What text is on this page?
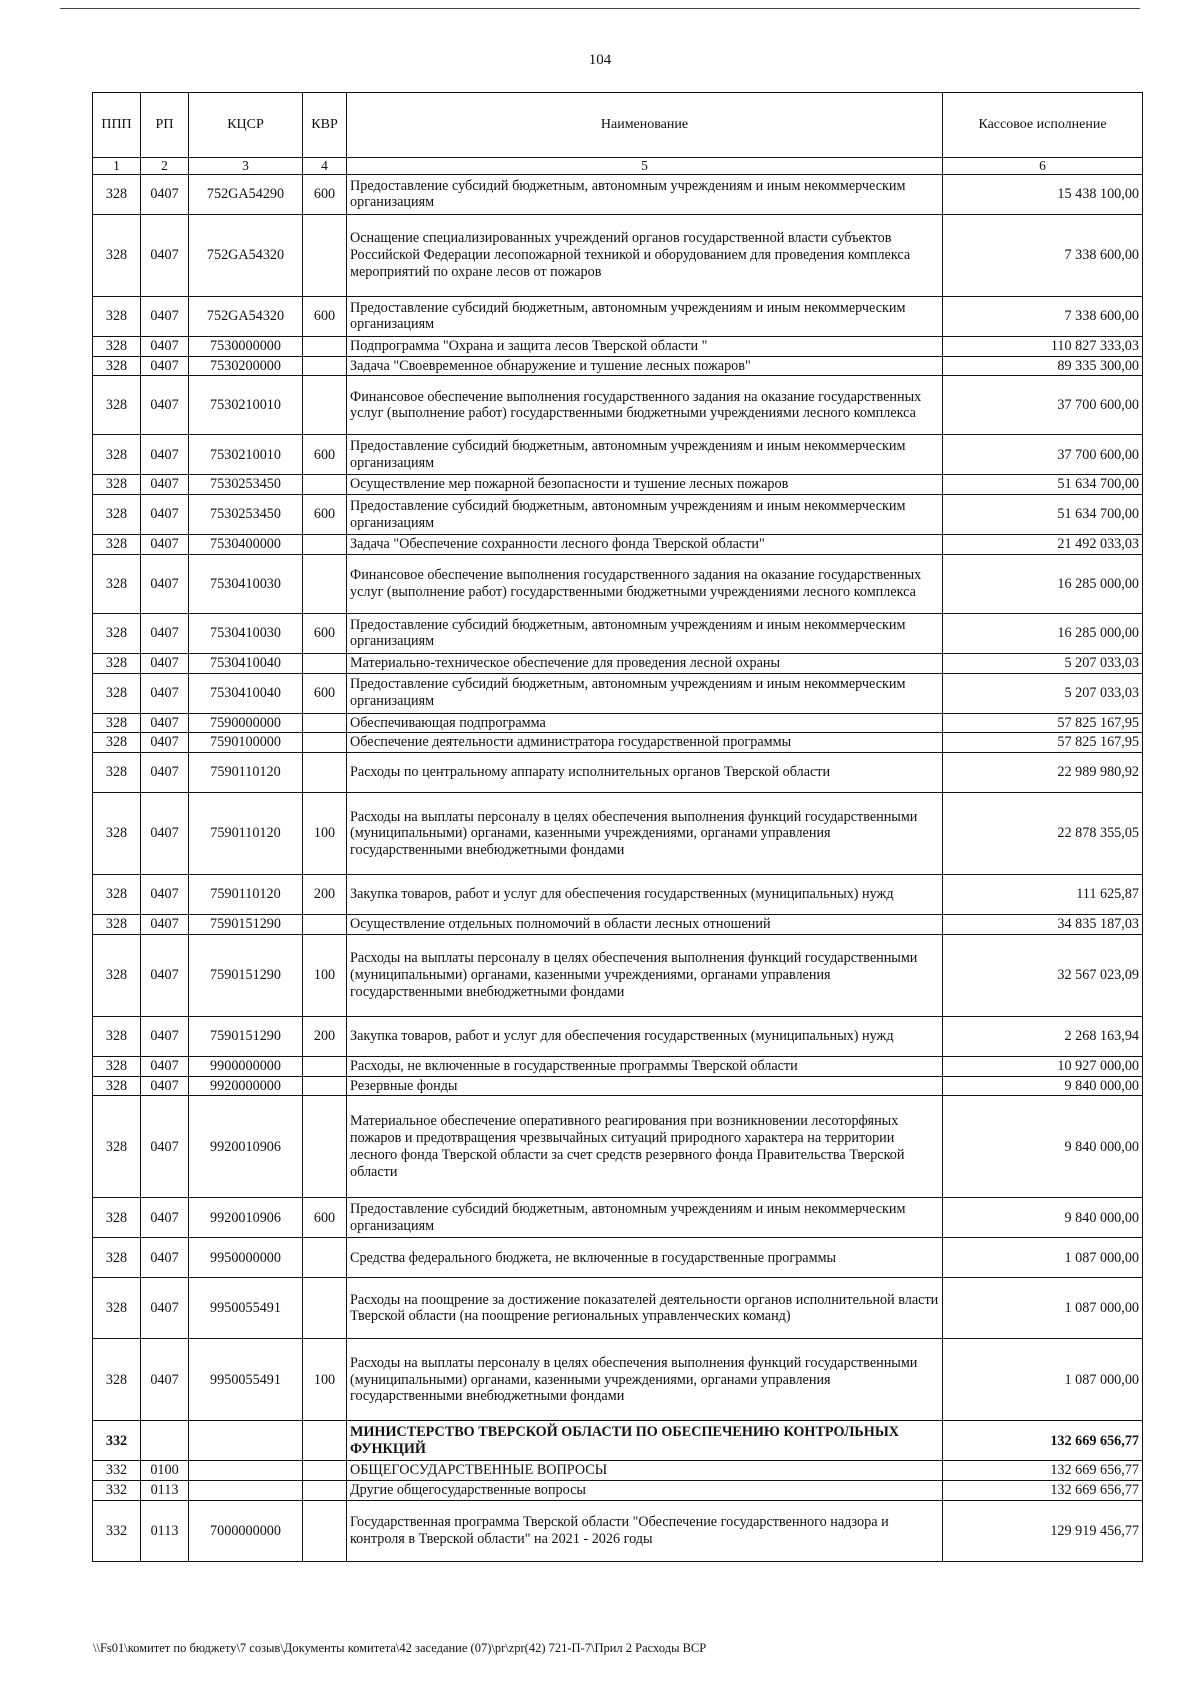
104
ППП	РП	КЦСР	КВР	Наименование	Кассовое исполнение
1	2	3	4	5	6
328	0407	752GA54290	600	Предоставление субсидий бюджетным, автономным учреждениям и иным некоммерческим организациям	15 438 100,00
328	0407	752GA54320		Оснащение специализированных учреждений органов государственной власти субъектов Российской Федерации лесопожарной техникой и оборудованием для проведения комплекса мероприятий по охране лесов от пожаров	7 338 600,00
328	0407	752GA54320	600	Предоставление субсидий бюджетным, автономным учреждениям и иным некоммерческим организациям	7 338 600,00
328	0407	7530000000		Подпрограмма "Охрана и защита лесов Тверской области "	110 827 333,03
328	0407	7530200000		Задача "Своевременное обнаружение и тушение лесных пожаров"	89 335 300,00
328	0407	7530210010		Финансовое обеспечение выполнения государственного задания на оказание государственных услуг (выполнение работ) государственными бюджетными учреждениями лесного комплекса	37 700 600,00
328	0407	7530210010	600	Предоставление субсидий бюджетным, автономным учреждениям и иным некоммерческим организациям	37 700 600,00
328	0407	7530253450		Осуществление мер пожарной безопасности и тушение лесных пожаров	51 634 700,00
328	0407	7530253450	600	Предоставление субсидий бюджетным, автономным учреждениям и иным некоммерческим организациям	51 634 700,00
328	0407	7530400000		Задача "Обеспечение сохранности лесного фонда Тверской области"	21 492 033,03
328	0407	7530410030		Финансовое обеспечение выполнения государственного задания на оказание государственных услуг (выполнение работ) государственными бюджетными учреждениями лесного комплекса	16 285 000,00
328	0407	7530410030	600	Предоставление субсидий бюджетным, автономным учреждениям и иным некоммерческим организациям	16 285 000,00
328	0407	7530410040		Материально-техническое обеспечение для проведения лесной охраны	5 207 033,03
328	0407	7530410040	600	Предоставление субсидий бюджетным, автономным учреждениям и иным некоммерческим организациям	5 207 033,03
328	0407	7590000000		Обеспечивающая подпрограмма	57 825 167,95
328	0407	7590100000		Обеспечение деятельности администратора государственной программы	57 825 167,95
328	0407	7590110120		Расходы по центральному аппарату исполнительных органов Тверской области	22 989 980,92
328	0407	7590110120	100	Расходы на выплаты персоналу в целях обеспечения выполнения функций государственными (муниципальными) органами, казенными учреждениями, органами управления государственными внебюджетными фондами	22 878 355,05
328	0407	7590110120	200	Закупка товаров, работ и услуг для обеспечения государственных (муниципальных) нужд	111 625,87
328	0407	7590151290		Осуществление отдельных полномочий в области лесных отношений	34 835 187,03
328	0407	7590151290	100	Расходы на выплаты персоналу в целях обеспечения выполнения функций государственными (муниципальными) органами, казенными учреждениями, органами управления государственными внебюджетными фондами	32 567 023,09
328	0407	7590151290	200	Закупка товаров, работ и услуг для обеспечения государственных (муниципальных) нужд	2 268 163,94
328	0407	9900000000		Расходы, не включенные в государственные программы Тверской области	10 927 000,00
328	0407	9920000000		Резервные фонды	9 840 000,00
328	0407	9920010906		Материальное обеспечение оперативного реагирования при возникновении лесоторфяных пожаров и предотвращения чрезвычайных ситуаций природного характера на территории лесного фонда Тверской области за счет средств резервного фонда Правительства Тверской области	9 840 000,00
328	0407	9920010906	600	Предоставление субсидий бюджетным, автономным учреждениям и иным некоммерческим организациям	9 840 000,00
328	0407	9950000000		Средства федерального бюджета, не включенные в государственные программы	1 087 000,00
328	0407	9950055491		Расходы на поощрение за достижение показателей деятельности органов исполнительной власти Тверской области (на поощрение региональных управленческих команд)	1 087 000,00
328	0407	9950055491	100	Расходы на выплаты персоналу в целях обеспечения выполнения функций государственными (муниципальными) органами, казенными учреждениями, органами управления государственными внебюджетными фондами	1 087 000,00
332				МИНИСТЕРСТВО ТВЕРСКОЙ ОБЛАСТИ ПО ОБЕСПЕЧЕНИЮ КОНТРОЛЬНЫХ ФУНКЦИЙ	132 669 656,77
332	0100			ОБЩЕГОСУДАРСТВЕННЫЕ ВОПРОСЫ	132 669 656,77
332	0113			Другие общегосударственные вопросы	132 669 656,77
332	0113	7000000000		Государственная программа Тверской области "Обеспечение государственного надзора и контроля в Тверской области" на 2021 - 2026 годы	129 919 456,77
\\Fs01\комитет по бюджету\7 созыв\Документы комитета\42 заседание (07)\pr\zpr(42) 721-П-7\Прил 2 Расходы ВСР
